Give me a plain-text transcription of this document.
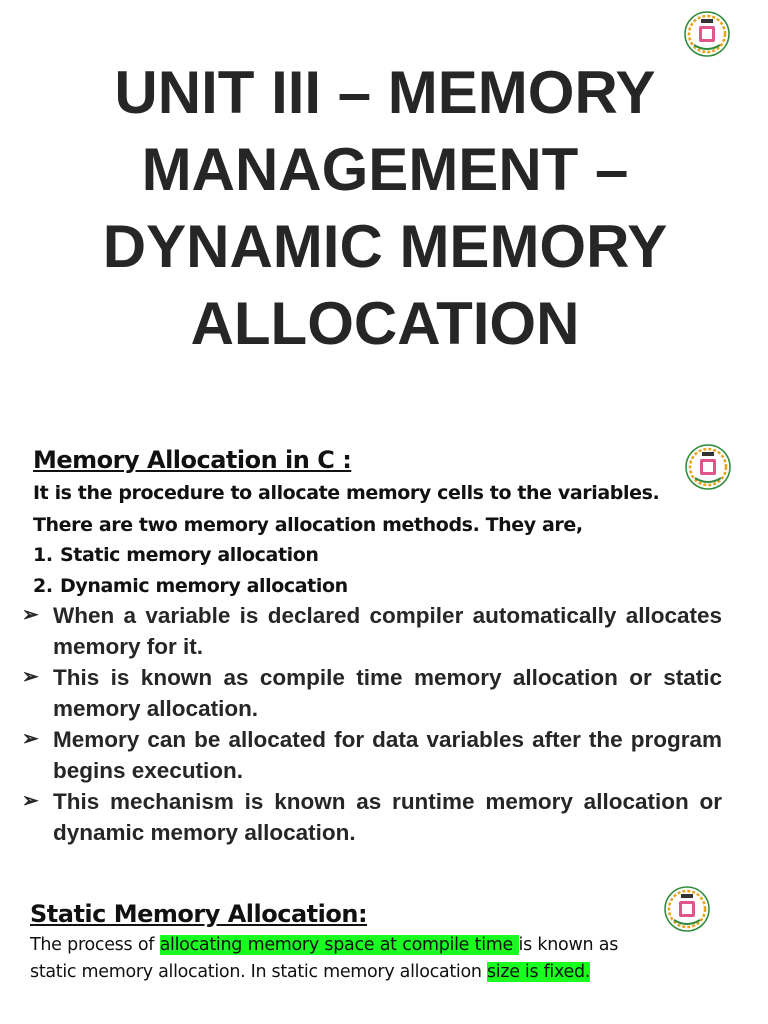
UNIT III – MEMORY
MANAGEMENT –
DYNAMIC MEMORY
ALLOCATION
Memory Allocation in C :
It is the procedure to allocate memory cells to the variables.
There are two memory allocation methods. They are,
1. Static memory allocation
2. Dynamic memory allocation
➢ When a variable is declared compiler automatically allocates memory for it.
➢ This is known as compile time memory allocation or static memory allocation.
➢ Memory can be allocated for data variables after the program begins execution.
➢ This mechanism is known as runtime memory allocation or dynamic memory allocation.
Static Memory Allocation:

The process of allocating memory space at compile time is known as static memory allocation. In static memory allocation size is fixed.
